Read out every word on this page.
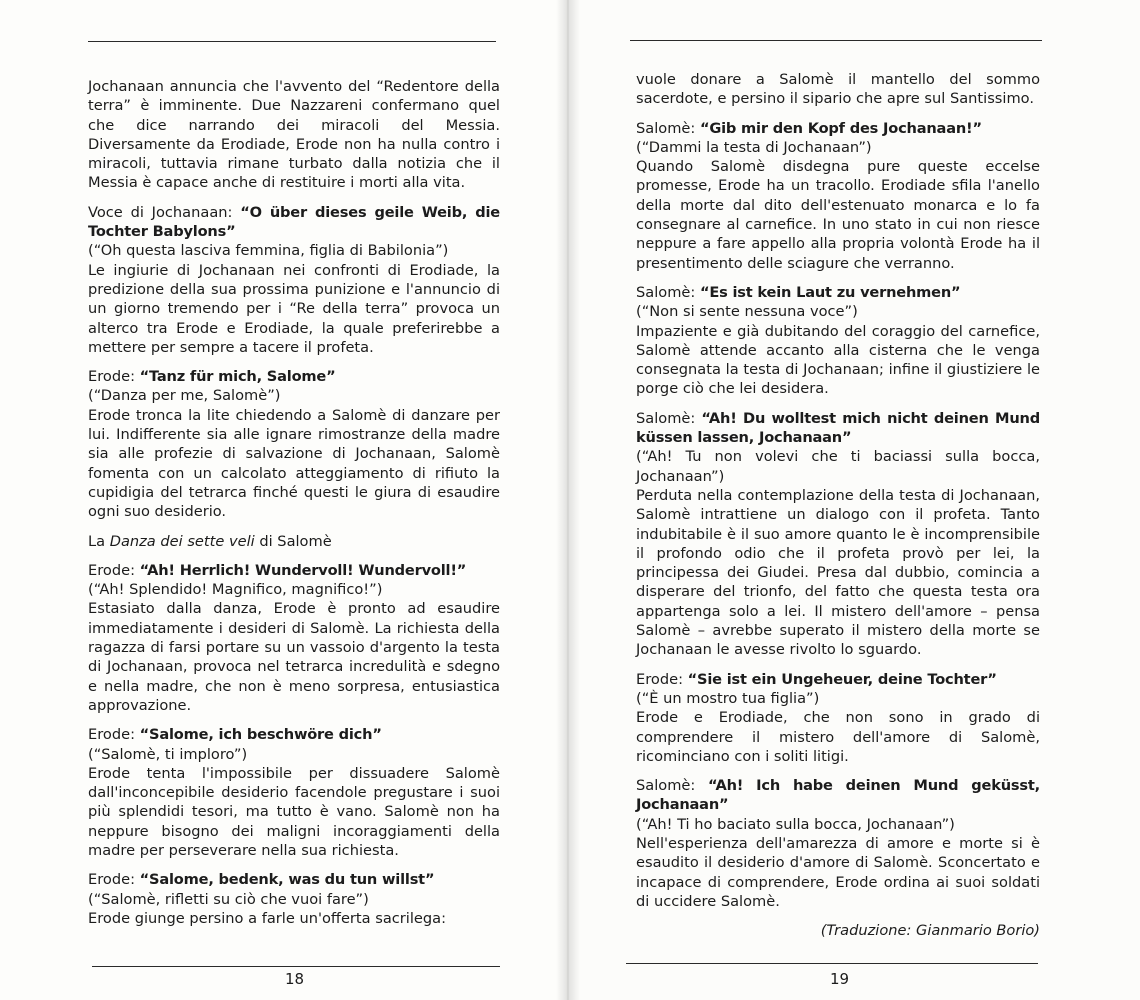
Jochanaan annuncia che l'avvento del “Redentore della terra” è imminente. Due Nazzareni confermano quel che dice narrando dei miracoli del Messia. Diversamente da Erodiade, Erode non ha nulla contro i miracoli, tuttavia rimane turbato dalla notizia che il Messia è capace anche di restituire i morti alla vita.

Voce di Jochanaan: “O über dieses geile Weib, die Tochter Babylons”
(“Oh questa lasciva femmina, figlia di Babilonia”)
Le ingiurie di Jochanaan nei confronti di Erodiade, la predizione della sua prossima punizione e l'annuncio di un giorno tremendo per i “Re della terra” provoca un alterco tra Erode e Erodiade, la quale preferirebbe a mettere per sempre a tacere il profeta.

Erode: “Tanz für mich, Salome”
(“Danza per me, Salomè”)
Erode tronca la lite chiedendo a Salomè di danzare per lui. Indifferente sia alle ignare rimostranze della madre sia alle profezie di salvazione di Jochanaan, Salomè fomenta con un calcolato atteggiamento di rifiuto la cupidigia del tetrarca finché questi le giura di esaudire ogni suo desiderio.

La Danza dei sette veli di Salomè

Erode: “Ah! Herrlich! Wundervoll! Wundervoll!”
(“Ah! Splendido! Magnifico, magnifico!”)
Estasiato dalla danza, Erode è pronto ad esaudire immediatamente i desideri di Salomè. La richiesta della ragazza di farsi portare su un vassoio d'argento la testa di Jochanaan, provoca nel tetrarca incredulità e sdegno e nella madre, che non è meno sorpresa, entusiastica approvazione.

Erode: “Salome, ich beschwöre dich”
(“Salomè, ti imploro”)
Erode tenta l'impossibile per dissuadere Salomè dall'inconcepibile desiderio facendole pregustare i suoi più splendidi tesori, ma tutto è vano. Salomè non ha neppure bisogno dei maligni incoraggiamenti della madre per perseverare nella sua richiesta.

Erode: “Salome, bedenk, was du tun willst”
(“Salomè, rifletti su ciò che vuoi fare”)
Erode giunge persino a farle un'offerta sacrilega:

18

vuole donare a Salomè il mantello del sommo sacerdote, e persino il sipario che apre sul Santissimo.

Salomè: “Gib mir den Kopf des Jochanaan!”
(“Dammi la testa di Jochanaan”)
Quando Salomè disdegna pure queste eccelse promesse, Erode ha un tracollo. Erodiade sfila l'anello della morte dal dito dell'estenuato monarca e lo fa consegnare al carnefice. In uno stato in cui non riesce neppure a fare appello alla propria volontà Erode ha il presentimento delle sciagure che verranno.

Salomè: “Es ist kein Laut zu vernehmen”
(“Non si sente nessuna voce”)
Impaziente e già dubitando del coraggio del carnefice, Salomè attende accanto alla cisterna che le venga consegnata la testa di Jochanaan; infine il giustiziere le porge ciò che lei desidera.

Salomè: “Ah! Du wolltest mich nicht deinen Mund küssen lassen, Jochanaan”
(“Ah! Tu non volevi che ti baciassi sulla bocca, Jochanaan”)
Perduta nella contemplazione della testa di Jochanaan, Salomè intrattiene un dialogo con il profeta. Tanto indubitabile è il suo amore quanto le è incomprensibile il profondo odio che il profeta provò per lei, la principessa dei Giudei. Presa dal dubbio, comincia a disperare del trionfo, del fatto che questa testa ora appartenga solo a lei. Il mistero dell'amore – pensa Salomè – avrebbe superato il mistero della morte se Jochanaan le avesse rivolto lo sguardo.

Erode: “Sie ist ein Ungeheuer, deine Tochter”
(“È un mostro tua figlia”)
Erode e Erodiade, che non sono in grado di comprendere il mistero dell'amore di Salomè, ricominciano con i soliti litigi.

Salomè: “Ah! Ich habe deinen Mund geküsst, Jochanaan”
(“Ah! Ti ho baciato sulla bocca, Jochanaan”)
Nell'esperienza dell'amarezza di amore e morte si è esaudito il desiderio d'amore di Salomè. Sconcertato e incapace di comprendere, Erode ordina ai suoi soldati di uccidere Salomè.

(Traduzione: Gianmario Borio)

19
